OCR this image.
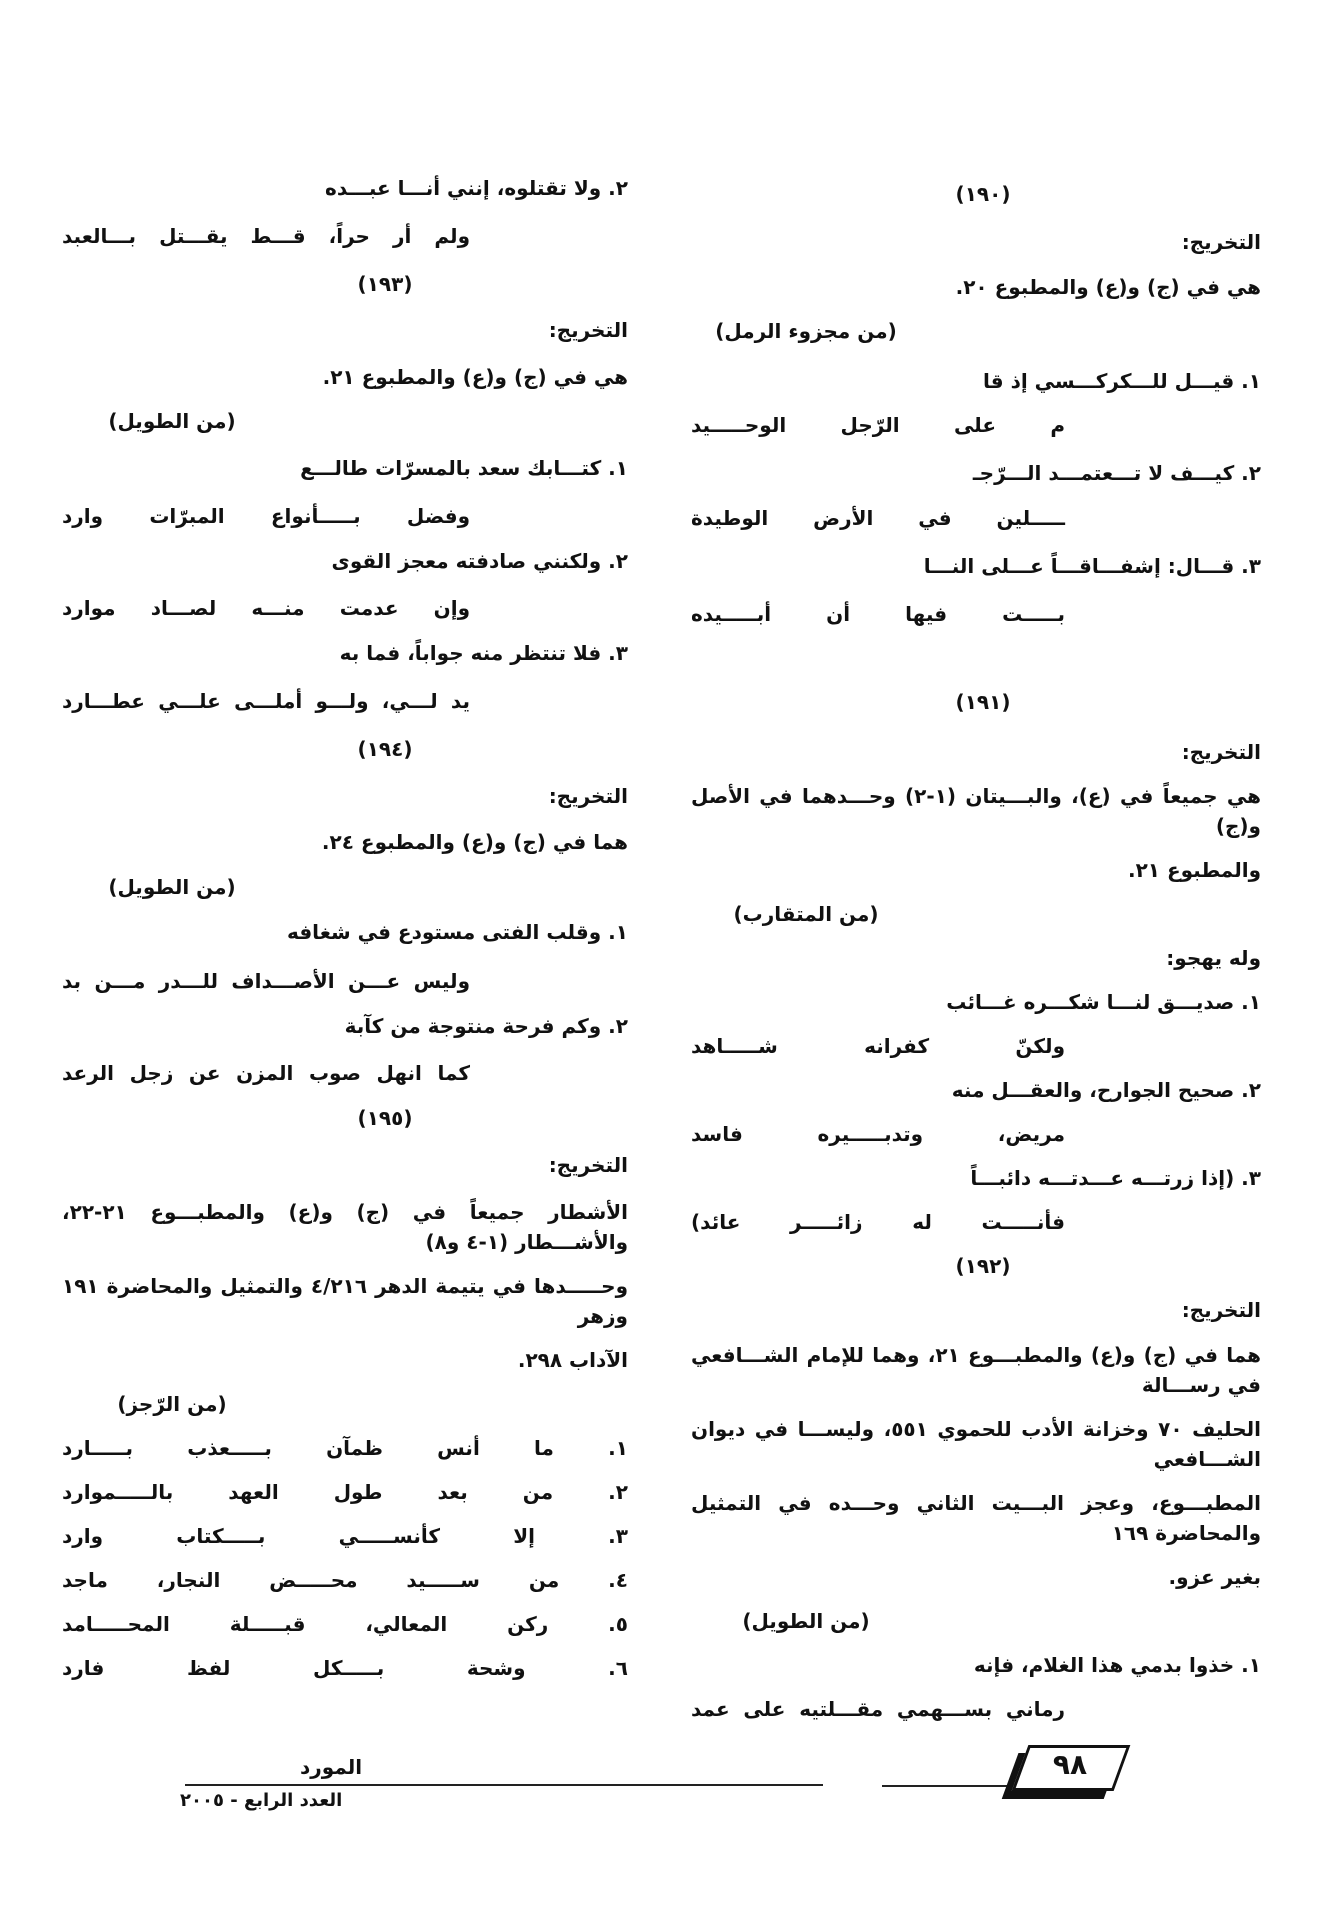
(١٩٠)
التخريج:
هي في (ج) و(ع) والمطبوع ٢٠.
(من مجزوء الرمل)
١. قيـــل للـــكركـــسي إذ قا
م على الرّجل الوحـــــيد
٢. كيـــف لا تـــعتمـــد الـــرّجـ
ـــــلين في الأرض الوطيدة
٣. قـــال: إشفـــاقـــاً عـــلى النـــا
بـــــت فيها أن أبـــــيده
(١٩١)
التخريج:
هي جميعاً في (ع)، والبـــيتان (١-٢) وحـــدهما في الأصل و(ج)
والمطبوع ٢١.
(من المتقارب)
وله يهجو:
١. صديـــق لنـــا شكـــره غـــائب
ولكنّ كفرانه شـــــاهد
٢. صحيح الجوارح، والعقـــل منه
مريض، وتدبـــــيره فاسد
٣. (إذا زرتـــه عـــدتـــه دائبـــاً
فأنـــــت له زائـــــر عائد)
(١٩٢)
التخريج:
هما في (ج) و(ع) والمطبـــوع ٢١، وهما للإمام الشـــافعي في رســـالة
الحليف ٧٠ وخزانة الأدب للحموي ٥٥١، وليســـا في ديوان الشـــافعي
المطبـــوع، وعجز البـــيت الثاني وحـــده في التمثيل والمحاضرة ١٦٩
بغير عزو.
(من الطويل)
١. خذوا بدمي هذا الغلام، فإنه
رماني بســـهمي مقـــلتيه على عمد
٢. ولا تقتلوه، إنني أنـــا عبـــده
ولم أر حراً، قـــط يقـــتل بـــالعبد
(١٩٣)
التخريج:
هي في (ج) و(ع) والمطبوع ٢١.
(من الطويل)
١. كتـــابك سعد بالمسرّات طالـــع
وفضل بـــــأنواع المبرّات وارد
٢. ولكنني صادفته معجز القوى
وإن عدمت منـــه لصـــاد موارد
٣. فلا تنتظر منه جواباً، فما به
يد لـــي، ولـــو أملـــى علـــي عطـــارد
(١٩٤)
التخريج:
هما في (ج) و(ع) والمطبوع ٢٤.
(من الطويل)
١. وقلب الفتى مستودع في شغافه
وليس عـــن الأصـــداف للـــدر مـــن بد
٢. وكم فرحة منتوجة من كآبة
كما انهل صوب المزن عن زجل الرعد
(١٩٥)
التخريج:
الأشطار جميعاً في (ج) و(ع) والمطبـــوع ٢١-٢٢، والأشـــطار (١-٤ و٨)
وحـــــدها في يتيمة الدهر ٤/٢١٦ والتمثيل والمحاضرة ١٩١ وزهر
الآداب ٢٩٨.
(من الرّجز)
١. ما أنس ظمآن بـــــعذب بـــــارد
٢. من بعد طول العهد بالـــــموارد
٣. إلا كأنســـــي بـــــكتاب وارد
٤. من ســـــيد محـــــض النجار، ماجد
٥. ركن المعالي، قبـــــلة المحـــــامد
٦. وشحة بـــــكل لفظ فارد
٩٨
المورد
العدد الرابع - ٢٠٠٥
